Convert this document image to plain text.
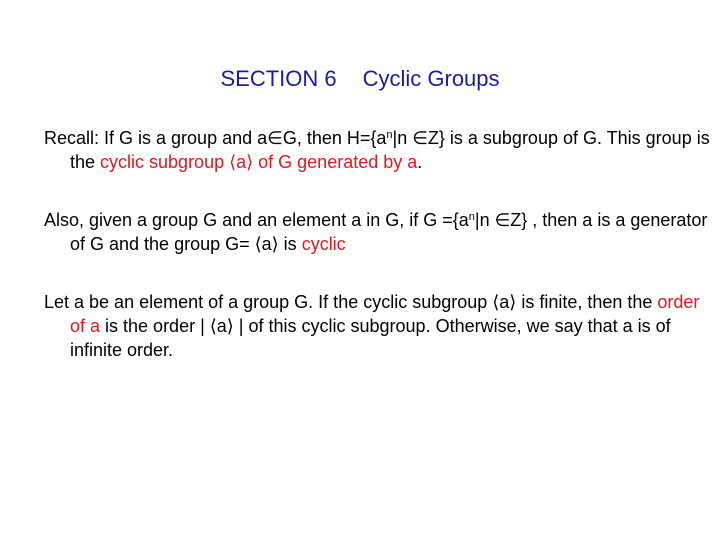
SECTION 6 Cyclic Groups
Recall: If G is a group and a∈G, then $H=\{a^n|n$ ∈Z} is a subgroup of G. This group is the cyclic subgroup ⟨a⟩ of G generated by a.
Also, given a group G and an element a in G, if $G =\{a^n|n$ ∈Z} , then a is a generator of G and the group G= ⟨a⟩ is cyclic
Let a be an element of a group G. If the cyclic subgroup ⟨a⟩ is finite, then the order of a is the order | ⟨a⟩ | of this cyclic subgroup. Otherwise, we say that a is of infinite order.
